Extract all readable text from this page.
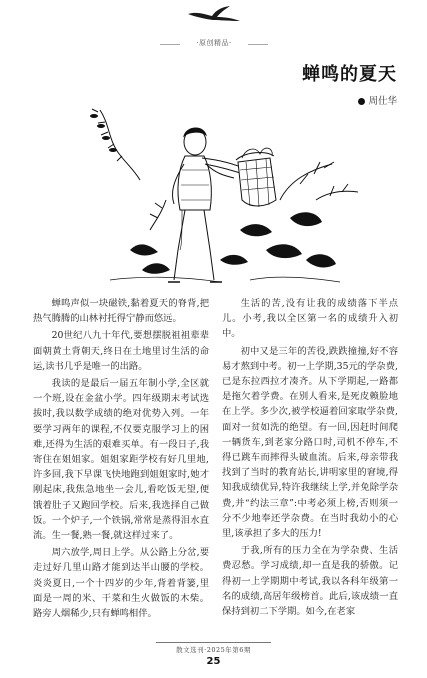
·原创精品·
蝉鸣的夏天
周仕华

蝉鸣声似一块磁铁,黏着夏天的脊背,把热气腾腾的山林衬托得宁静而悠远。

20世纪八九十年代,要想摆脱祖祖辈辈面朝黄土背朝天,终日在土地里讨生活的命运,读书几乎是唯一的出路。

我读的是最后一届五年制小学,全区就一个班,设在金盆小学。四年级期末考试选拔时,我以数学成绩的绝对优势入列。一年要学习两年的课程,不仅要克服学习上的困难,还得为生活的艰难买单。有一段日子,我寄住在姐姐家。姐姐家距学校有好几里地,许多回,我下早课飞快地跑到姐姐家时,她才刚起床,我焦急地坐一会儿,看吃饭无望,便饿着肚子又跑回学校。后来,我选择自己做饭。一个炉子,一个铁锅,常常是蒸得泪水直流。生一餐,熟一餐,就这样过来了。

周六放学,周日上学。从公路上分岔,要走过好几里山路才能到达半山腰的学校。炎炎夏日,一个十四岁的少年,背着背篓,里面是一周的米、干菜和生火做饭的木柴。路旁人烟稀少,只有蝉鸣相伴。

生活的苦,没有让我的成绩落下半点儿。小考,我以全区第一名的成绩升入初中。

初中又是三年的苦役,跌跌撞撞,好不容易才熬到中考。初一上学期,35元的学杂费,已是东拉西拉才凑齐。从下学期起,一路都是拖欠着学费。在别人看来,是死皮赖脸地在上学。多少次,被学校逼着回家取学杂费,面对一贫如洗的绝望。有一回,因赶时间爬一辆货车,到老家分路口时,司机不停车,不得已跳车而摔得头破血流。后来,母亲带我找到了当时的教育站长,讲明家里的窘境,得知我成绩优异,特许我继续上学,并免除学杂费,并“约法三章”:中考必须上榜,否则须一分不少地奉还学杂费。在当时我幼小的心里,该承担了多大的压力!

于我,所有的压力全在为学杂费、生活费忍愁。学习成绩,却一直是我的骄傲。记得初一上学期期中考试,我以各科年级第一名的成绩,高居年级榜首。此后,该成绩一直保持到初二下学期。如今,在老家

散文选刊·2025年第6期
25
